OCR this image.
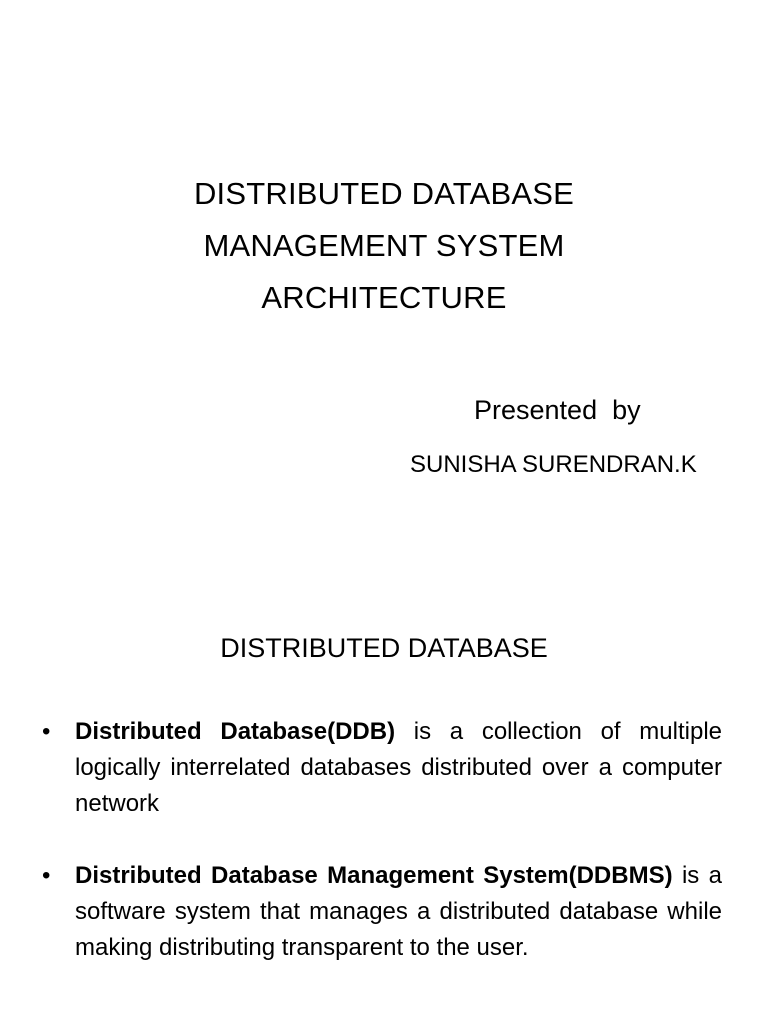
DISTRIBUTED DATABASE
MANAGEMENT SYSTEM
ARCHITECTURE
Presented  by
SUNISHA SURENDRAN.K
DISTRIBUTED DATABASE
• Distributed Database(DDB) is a collection of multiple logically interrelated databases distributed over a computer network
• Distributed Database Management System(DDBMS) is a software system that manages a distributed database while making distributing transparent to the user.
